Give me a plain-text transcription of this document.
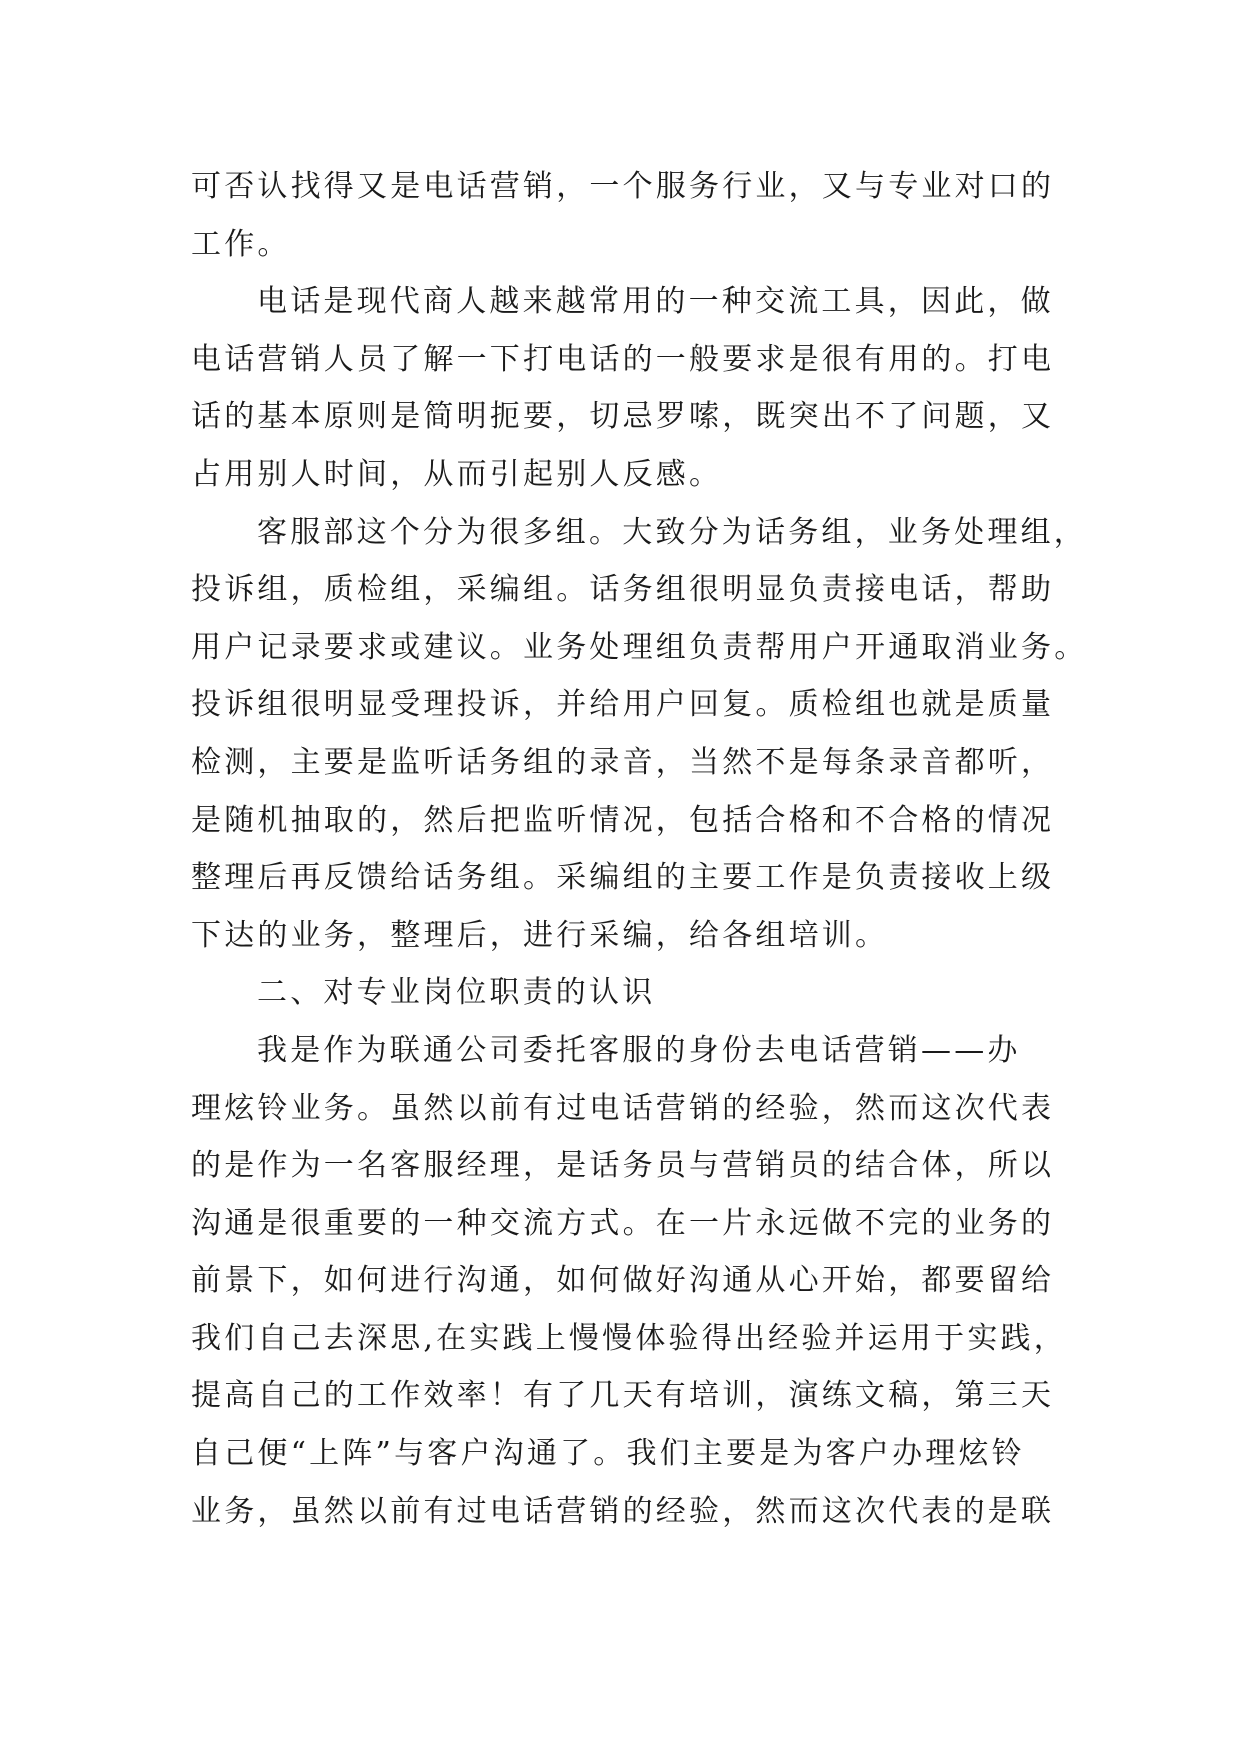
可否认找得又是电话营销，一个服务行业，又与专业对口的
工作。
电话是现代商人越来越常用的一种交流工具，因此，做
电话营销人员了解一下打电话的一般要求是很有用的。打电
话的基本原则是简明扼要，切忌罗嗦，既突出不了问题，又
占用别人时间，从而引起别人反感。
客服部这个分为很多组。大致分为话务组，业务处理组，
投诉组，质检组，采编组。话务组很明显负责接电话，帮助
用户记录要求或建议。业务处理组负责帮用户开通取消业务。
投诉组很明显受理投诉，并给用户回复。质检组也就是质量
检测，主要是监听话务组的录音，当然不是每条录音都听，
是随机抽取的，然后把监听情况，包括合格和不合格的情况
整理后再反馈给话务组。采编组的主要工作是负责接收上级
下达的业务，整理后，进行采编，给各组培训。
二、对专业岗位职责的认识
我是作为联通公司委托客服的身份去电话营销——办
理炫铃业务。虽然以前有过电话营销的经验，然而这次代表
的是作为一名客服经理，是话务员与营销员的结合体，所以
沟通是很重要的一种交流方式。在一片永远做不完的业务的
前景下，如何进行沟通，如何做好沟通从心开始，都要留给
我们自己去深思,在实践上慢慢体验得出经验并运用于实践，
提高自己的工作效率！有了几天有培训，演练文稿，第三天
自己便“上阵”与客户沟通了。我们主要是为客户办理炫铃
业务，虽然以前有过电话营销的经验，然而这次代表的是联
